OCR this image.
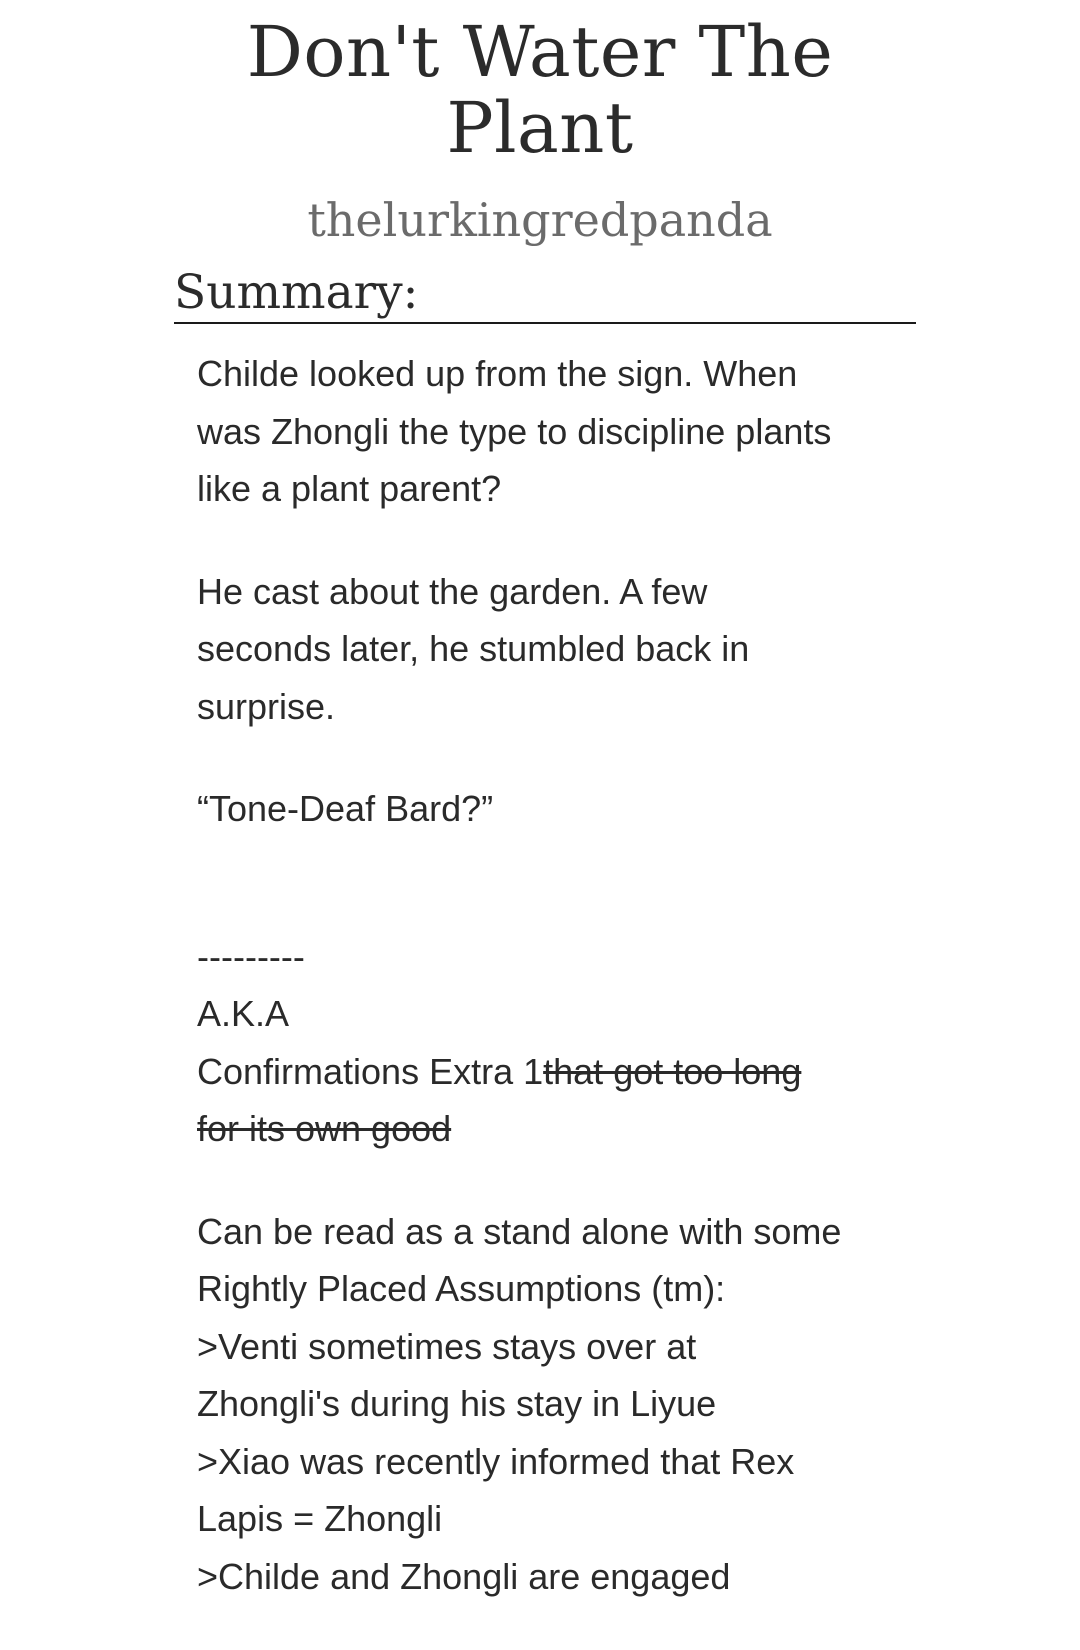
Don't Water The
Plant
thelurkingredpanda
Summary:

Childe looked up from the sign. When
was Zhongli the type to discipline plants
like a plant parent?

He cast about the garden. A few
seconds later, he stumbled back in
surprise.

“Tone-Deaf Bard?”

---------
A.K.A
Confirmations Extra 1that got too long
for its own good

Can be read as a stand alone with some
Rightly Placed Assumptions (tm):
>Venti sometimes stays over at
Zhongli's during his stay in Liyue
>Xiao was recently informed that Rex
Lapis = Zhongli
>Childe and Zhongli are engaged
